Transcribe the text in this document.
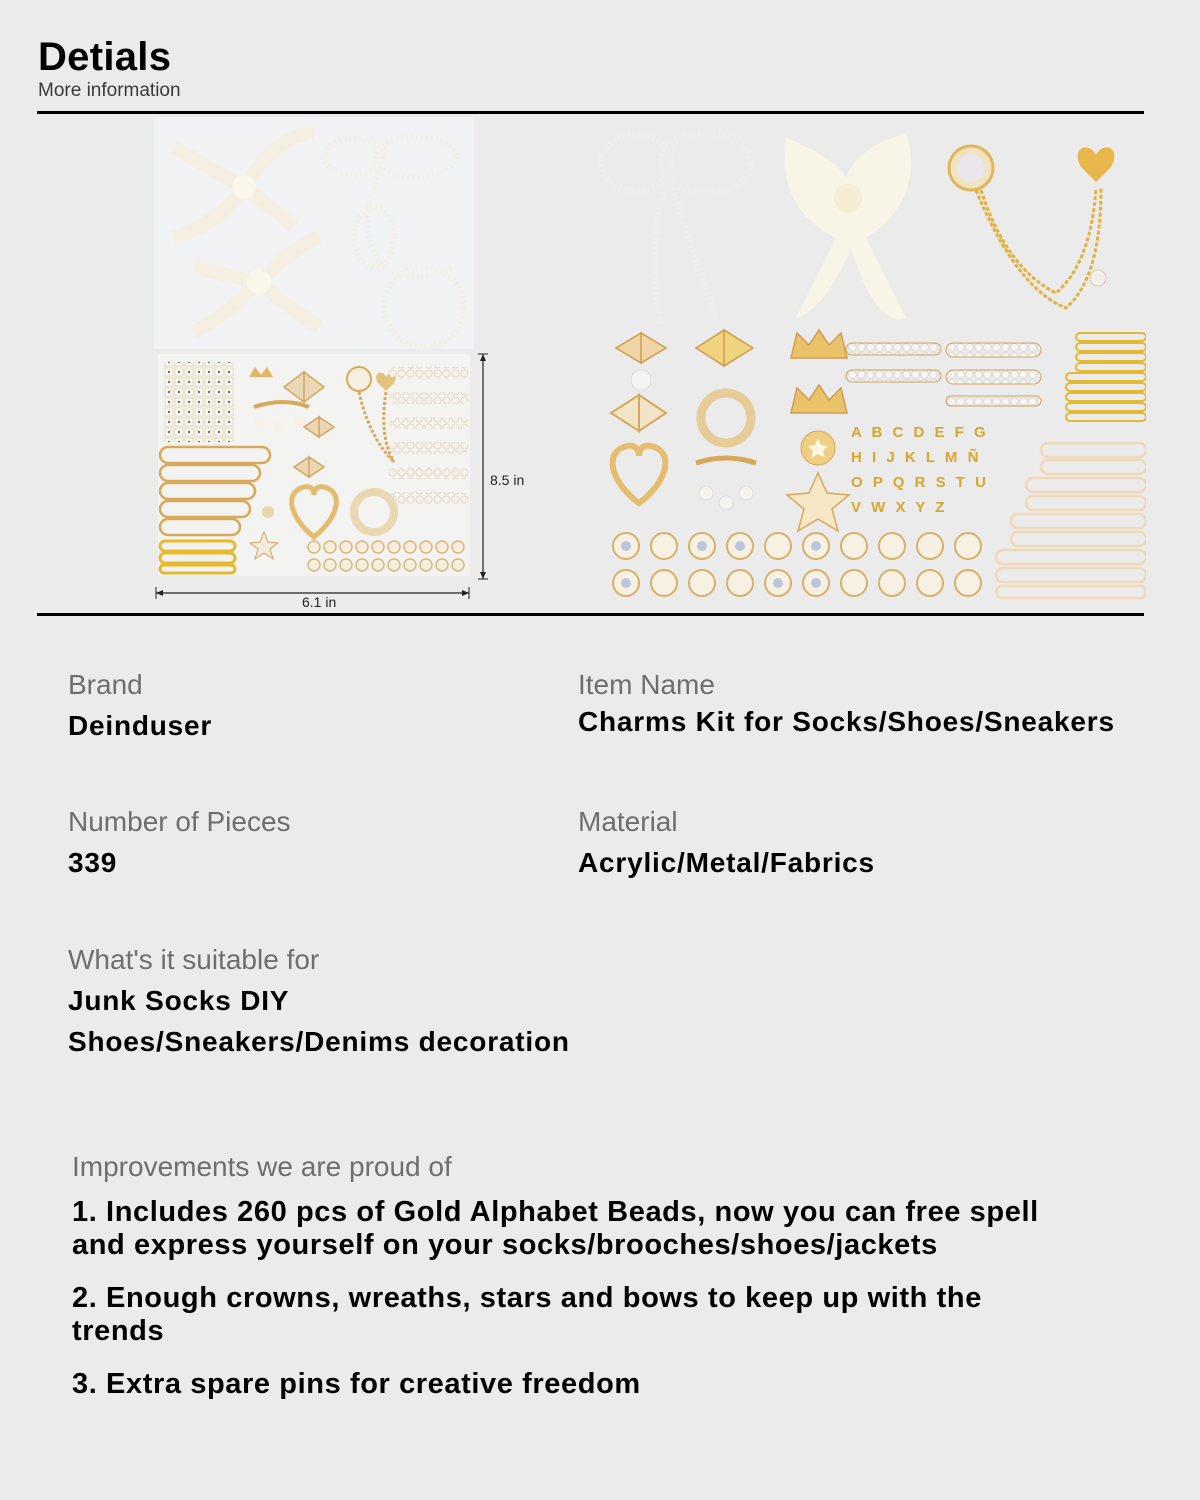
Detials
More information
8.5 in
6.1 in
A B C D E F G
H I J K L M Ñ
O P Q R S T U
V W X Y Z
Brand
Deinduser
Item Name
Charms Kit for Socks/Shoes/Sneakers
Number of Pieces
339
Material
Acrylic/Metal/Fabrics
What's it suitable for
Junk Socks DIY
Shoes/Sneakers/Denims decoration
Improvements we are proud of
1. Includes 260 pcs of Gold Alphabet Beads, now you can free spell
and express yourself on your socks/brooches/shoes/jackets
2. Enough crowns, wreaths, stars and bows to keep up with the
trends
3. Extra spare pins for creative freedom
